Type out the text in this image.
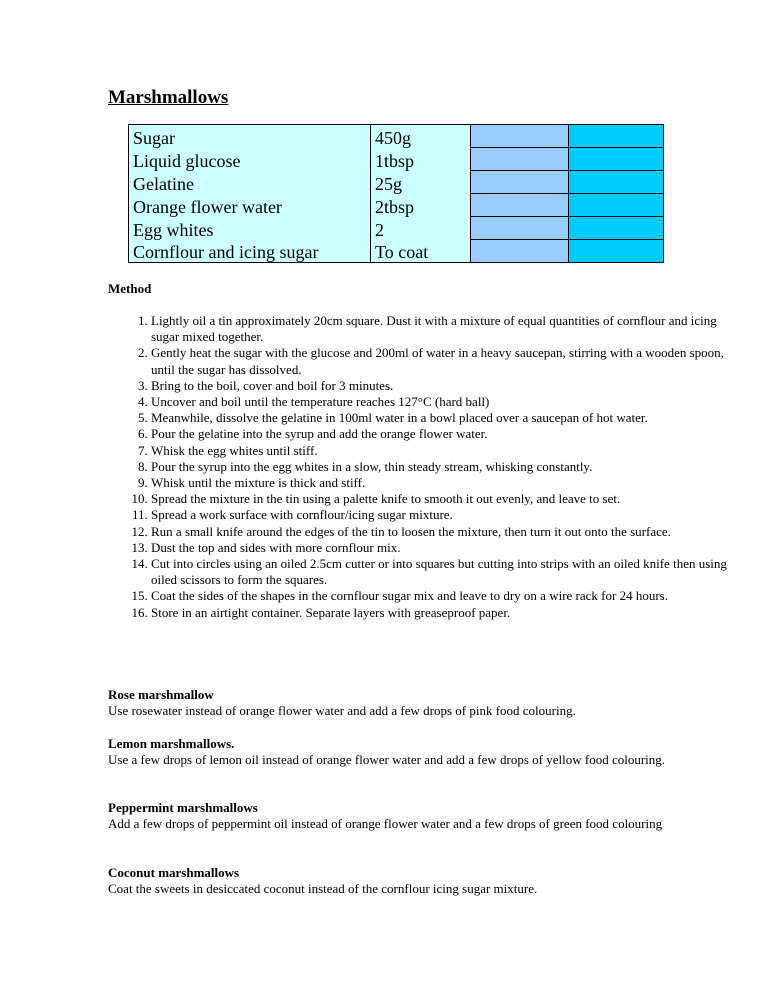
Marshmallows
Sugar	450g		
Liquid glucose	1tbsp		
Gelatine	25g		
Orange flower water	2tbsp		
Egg whites	2		
Cornflour and icing sugar	To coat		
Method
1. Lightly oil a tin approximately 20cm square. Dust it with a mixture of equal quantities of cornflour and icing sugar mixed together.
2. Gently heat the sugar with the glucose and 200ml of water in a heavy saucepan, stirring with a wooden spoon, until the sugar has dissolved.
3. Bring to the boil, cover and boil for 3 minutes.
4. Uncover and boil until the temperature reaches 127°C (hard ball)
5. Meanwhile, dissolve the gelatine in 100ml water in a bowl placed over a saucepan of hot water.
6. Pour the gelatine into the syrup and add the orange flower water.
7. Whisk the egg whites until stiff.
8. Pour the syrup into the egg whites in a slow, thin steady stream, whisking constantly.
9. Whisk until the mixture is thick and stiff.
10. Spread the mixture in the tin using a palette knife to smooth it out evenly, and leave to set.
11. Spread a work surface with cornflour/icing sugar mixture.
12. Run a small knife around the edges of the tin to loosen the mixture, then turn it out onto the surface.
13. Dust the top and sides with more cornflour mix.
14. Cut into circles using an oiled 2.5cm cutter or into squares but cutting into strips with an oiled knife then using oiled scissors to form the squares.
15. Coat the sides of the shapes in the cornflour sugar mix and leave to dry on a wire rack for 24 hours.
16. Store in an airtight container. Separate layers with greaseproof paper.
Rose marshmallow
Use rosewater instead of orange flower water and add a few drops of pink food colouring.
Lemon marshmallows.
Use a few drops of lemon oil instead of orange flower water and add a few drops of yellow food colouring.
Peppermint marshmallows
Add a few drops of peppermint oil instead of orange flower water and a few drops of green food colouring
Coconut marshmallows
Coat the sweets in desiccated coconut instead of the cornflour icing sugar mixture.
